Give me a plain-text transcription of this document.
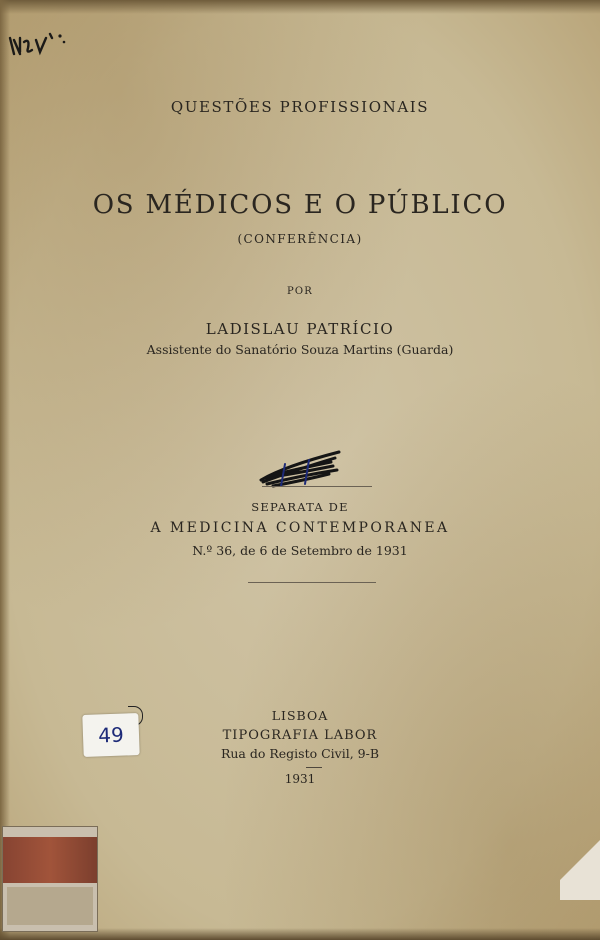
QUESTÕES PROFISSIONAIS

OS MÉDICOS E O PÚBLICO

(CONFERÊNCIA)

POR

LADISLAU PATRÍCIO

Assistente do Sanatório Souza Martins (Guarda)

SEPARATA DE

A MEDICINA CONTEMPORANEA

N.º 36, de 6 de Setembro de 1931

49

LISBOA

TIPOGRAFIA LABOR

Rua do Registo Civil, 9-B

1931
